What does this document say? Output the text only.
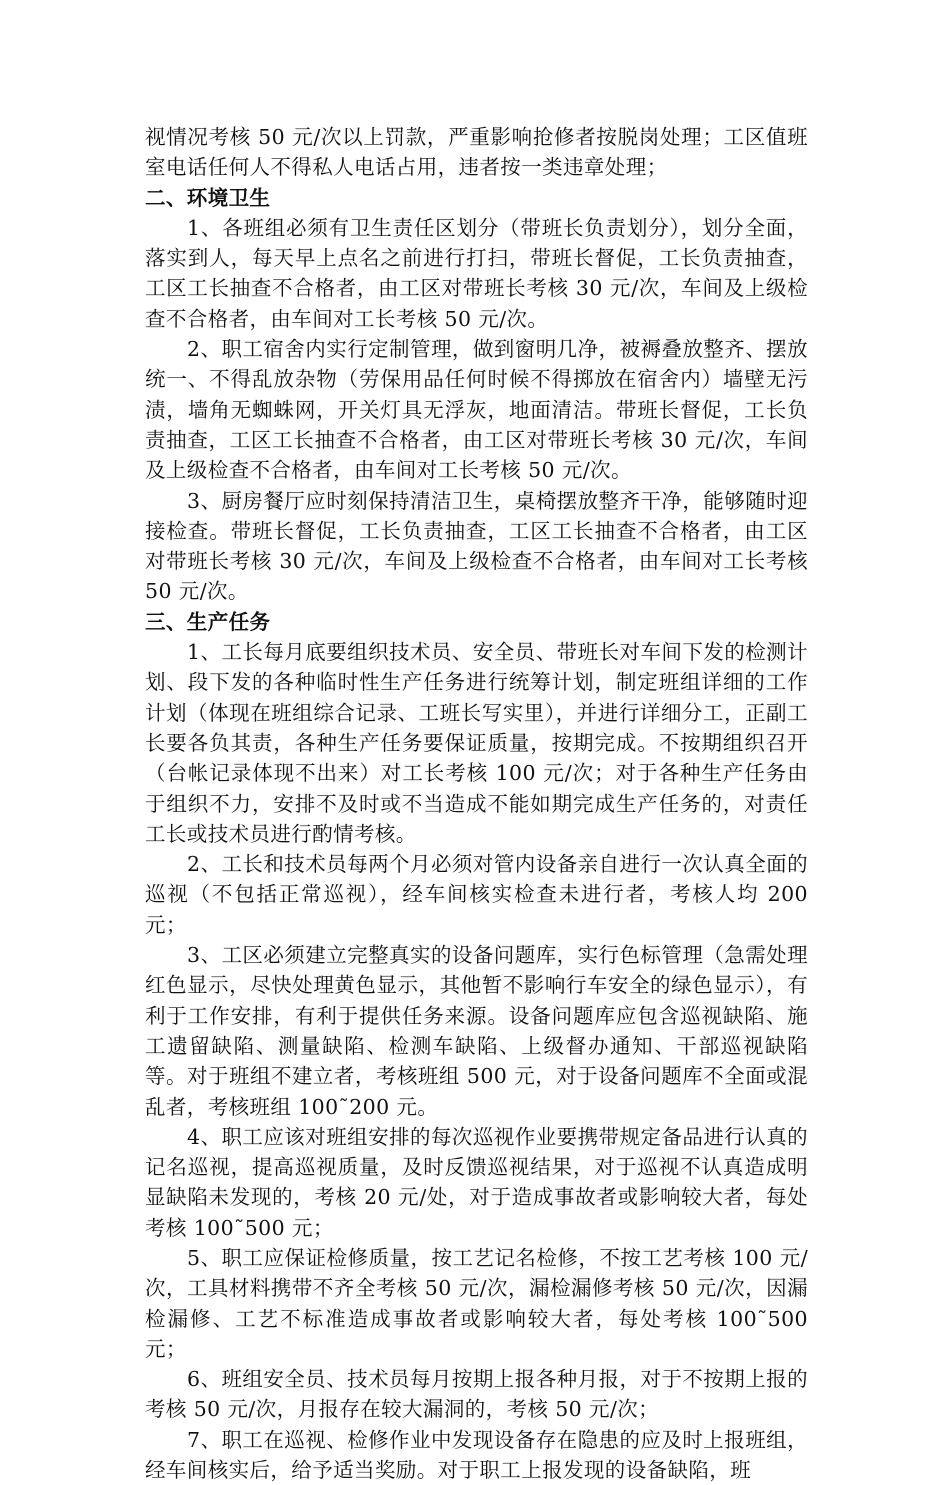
视情况考核 50 元/次以上罚款，严重影响抢修者按脱岗处理；工区值班室电话任何人不得私人电话占用，违者按一类违章处理；

二、环境卫生

1、各班组必须有卫生责任区划分（带班长负责划分），划分全面，落实到人，每天早上点名之前进行打扫，带班长督促，工长负责抽查，工区工长抽查不合格者，由工区对带班长考核 30 元/次，车间及上级检查不合格者，由车间对工长考核 50 元/次。

2、职工宿舍内实行定制管理，做到窗明几净，被褥叠放整齐、摆放统一、不得乱放杂物（劳保用品任何时候不得掷放在宿舍内）墙壁无污渍，墙角无蜘蛛网，开关灯具无浮灰，地面清洁。带班长督促，工长负责抽查，工区工长抽查不合格者，由工区对带班长考核 30 元/次，车间及上级检查不合格者，由车间对工长考核 50 元/次。

3、厨房餐厅应时刻保持清洁卫生，桌椅摆放整齐干净，能够随时迎接检查。带班长督促，工长负责抽查，工区工长抽查不合格者，由工区对带班长考核 30 元/次，车间及上级检查不合格者，由车间对工长考核 50 元/次。

三、生产任务

1、工长每月底要组织技术员、安全员、带班长对车间下发的检测计划、段下发的各种临时性生产任务进行统筹计划，制定班组详细的工作计划（体现在班组综合记录、工班长写实里），并进行详细分工，正副工长要各负其责，各种生产任务要保证质量，按期完成。不按期组织召开（台帐记录体现不出来）对工长考核 100 元/次；对于各种生产任务由于组织不力，安排不及时或不当造成不能如期完成生产任务的，对责任工长或技术员进行酌情考核。

2、工长和技术员每两个月必须对管内设备亲自进行一次认真全面的巡视（不包括正常巡视），经车间核实检查未进行者，考核人均 200 元；

3、工区必须建立完整真实的设备问题库，实行色标管理（急需处理红色显示，尽快处理黄色显示，其他暂不影响行车安全的绿色显示），有利于工作安排，有利于提供任务来源。设备问题库应包含巡视缺陷、施工遗留缺陷、测量缺陷、检测车缺陷、上级督办通知、干部巡视缺陷等。对于班组不建立者，考核班组 500 元，对于设备问题库不全面或混乱者，考核班组 100˜200 元。

4、职工应该对班组安排的每次巡视作业要携带规定备品进行认真的记名巡视，提高巡视质量，及时反馈巡视结果，对于巡视不认真造成明显缺陷未发现的，考核 20 元/处，对于造成事故者或影响较大者，每处考核 100˜500 元；

5、职工应保证检修质量，按工艺记名检修，不按工艺考核 100 元/次，工具材料携带不齐全考核 50 元/次，漏检漏修考核 50 元/次，因漏检漏修、工艺不标准造成事故者或影响较大者，每处考核 100˜500 元；

6、班组安全员、技术员每月按期上报各种月报，对于不按期上报的考核 50 元/次，月报存在较大漏洞的，考核 50 元/次；

7、职工在巡视、检修作业中发现设备存在隐患的应及时上报班组，经车间核实后，给予适当奖励。对于职工上报发现的设备缺陷，班
